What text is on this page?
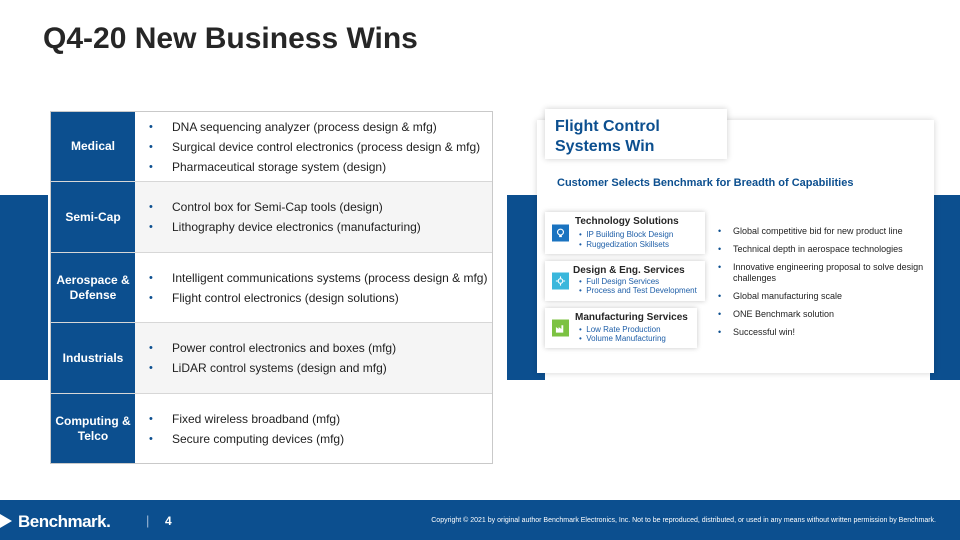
Q4-20 New Business Wins
Medical
• DNA sequencing analyzer (process design & mfg)
• Surgical device control electronics (process design & mfg)
• Pharmaceutical storage system (design)
Semi-Cap
• Control box for Semi-Cap tools (design)
• Lithography device electronics (manufacturing)
Aerospace & Defense
• Intelligent communications systems (process design & mfg)
• Flight control electronics (design solutions)
Industrials
• Power control electronics and boxes (mfg)
• LiDAR control systems (design and mfg)
Computing & Telco
• Fixed wireless broadband (mfg)
• Secure computing devices (mfg)
Flight Control Systems Win
Customer Selects Benchmark for Breadth of Capabilities
Technology Solutions
•  IP Building Block Design
•  Ruggedization Skillsets
Design & Eng. Services
•  Full Design Services
•  Process and Test Development
Manufacturing Services
•  Low Rate Production
•  Volume Manufacturing
• Global competitive bid for new product line
• Technical depth in aerospace technologies
• Innovative engineering proposal to solve design challenges
• Global manufacturing scale
• ONE Benchmark solution
• Successful win!
Benchmark.	| 4	Copyright © 2021 by original author Benchmark Electronics, Inc. Not to be reproduced, distributed, or used in any means without written permission by Benchmark.
